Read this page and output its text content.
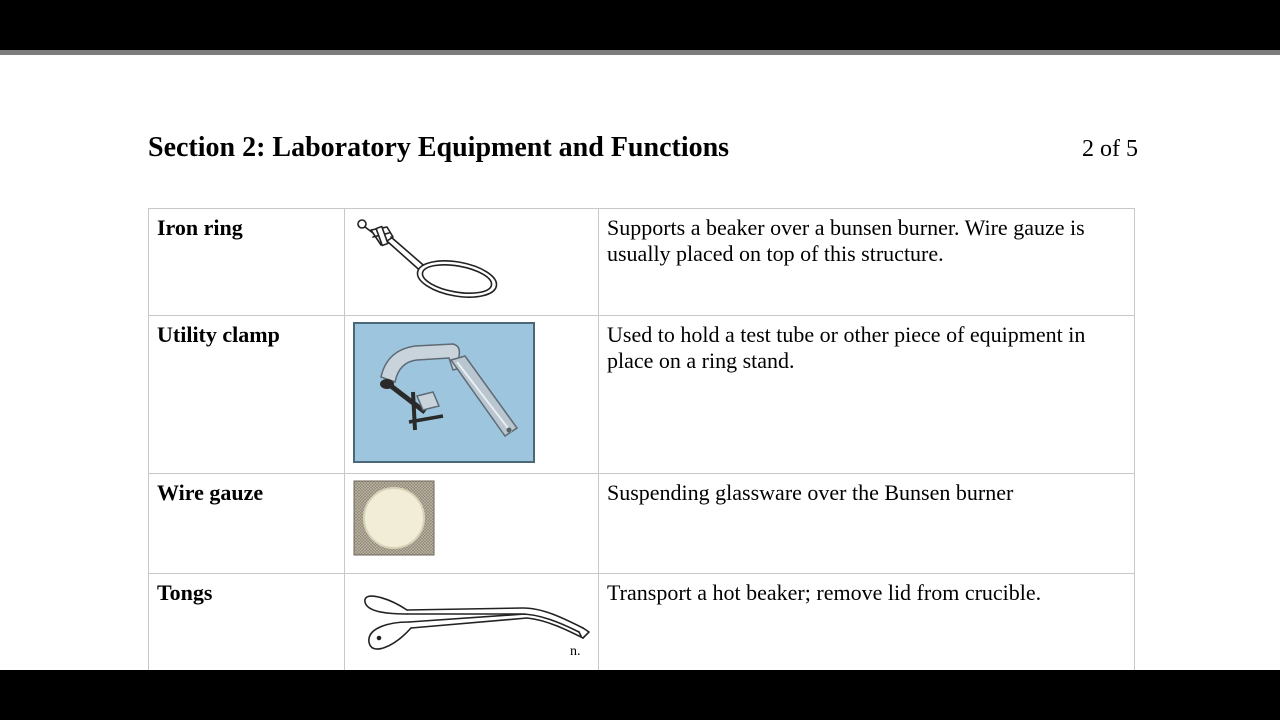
Section 2: Laboratory Equipment and Functions	2 of 5
Iron ring		Supports a beaker over a bunsen burner. Wire gauze is usually placed on top of this structure.
Utility clamp		Used to hold a test tube or other piece of equipment in place on a ring stand.
Wire gauze		Suspending glassware over the Bunsen burner
Tongs	n.	Transport a hot beaker; remove lid from crucible.
